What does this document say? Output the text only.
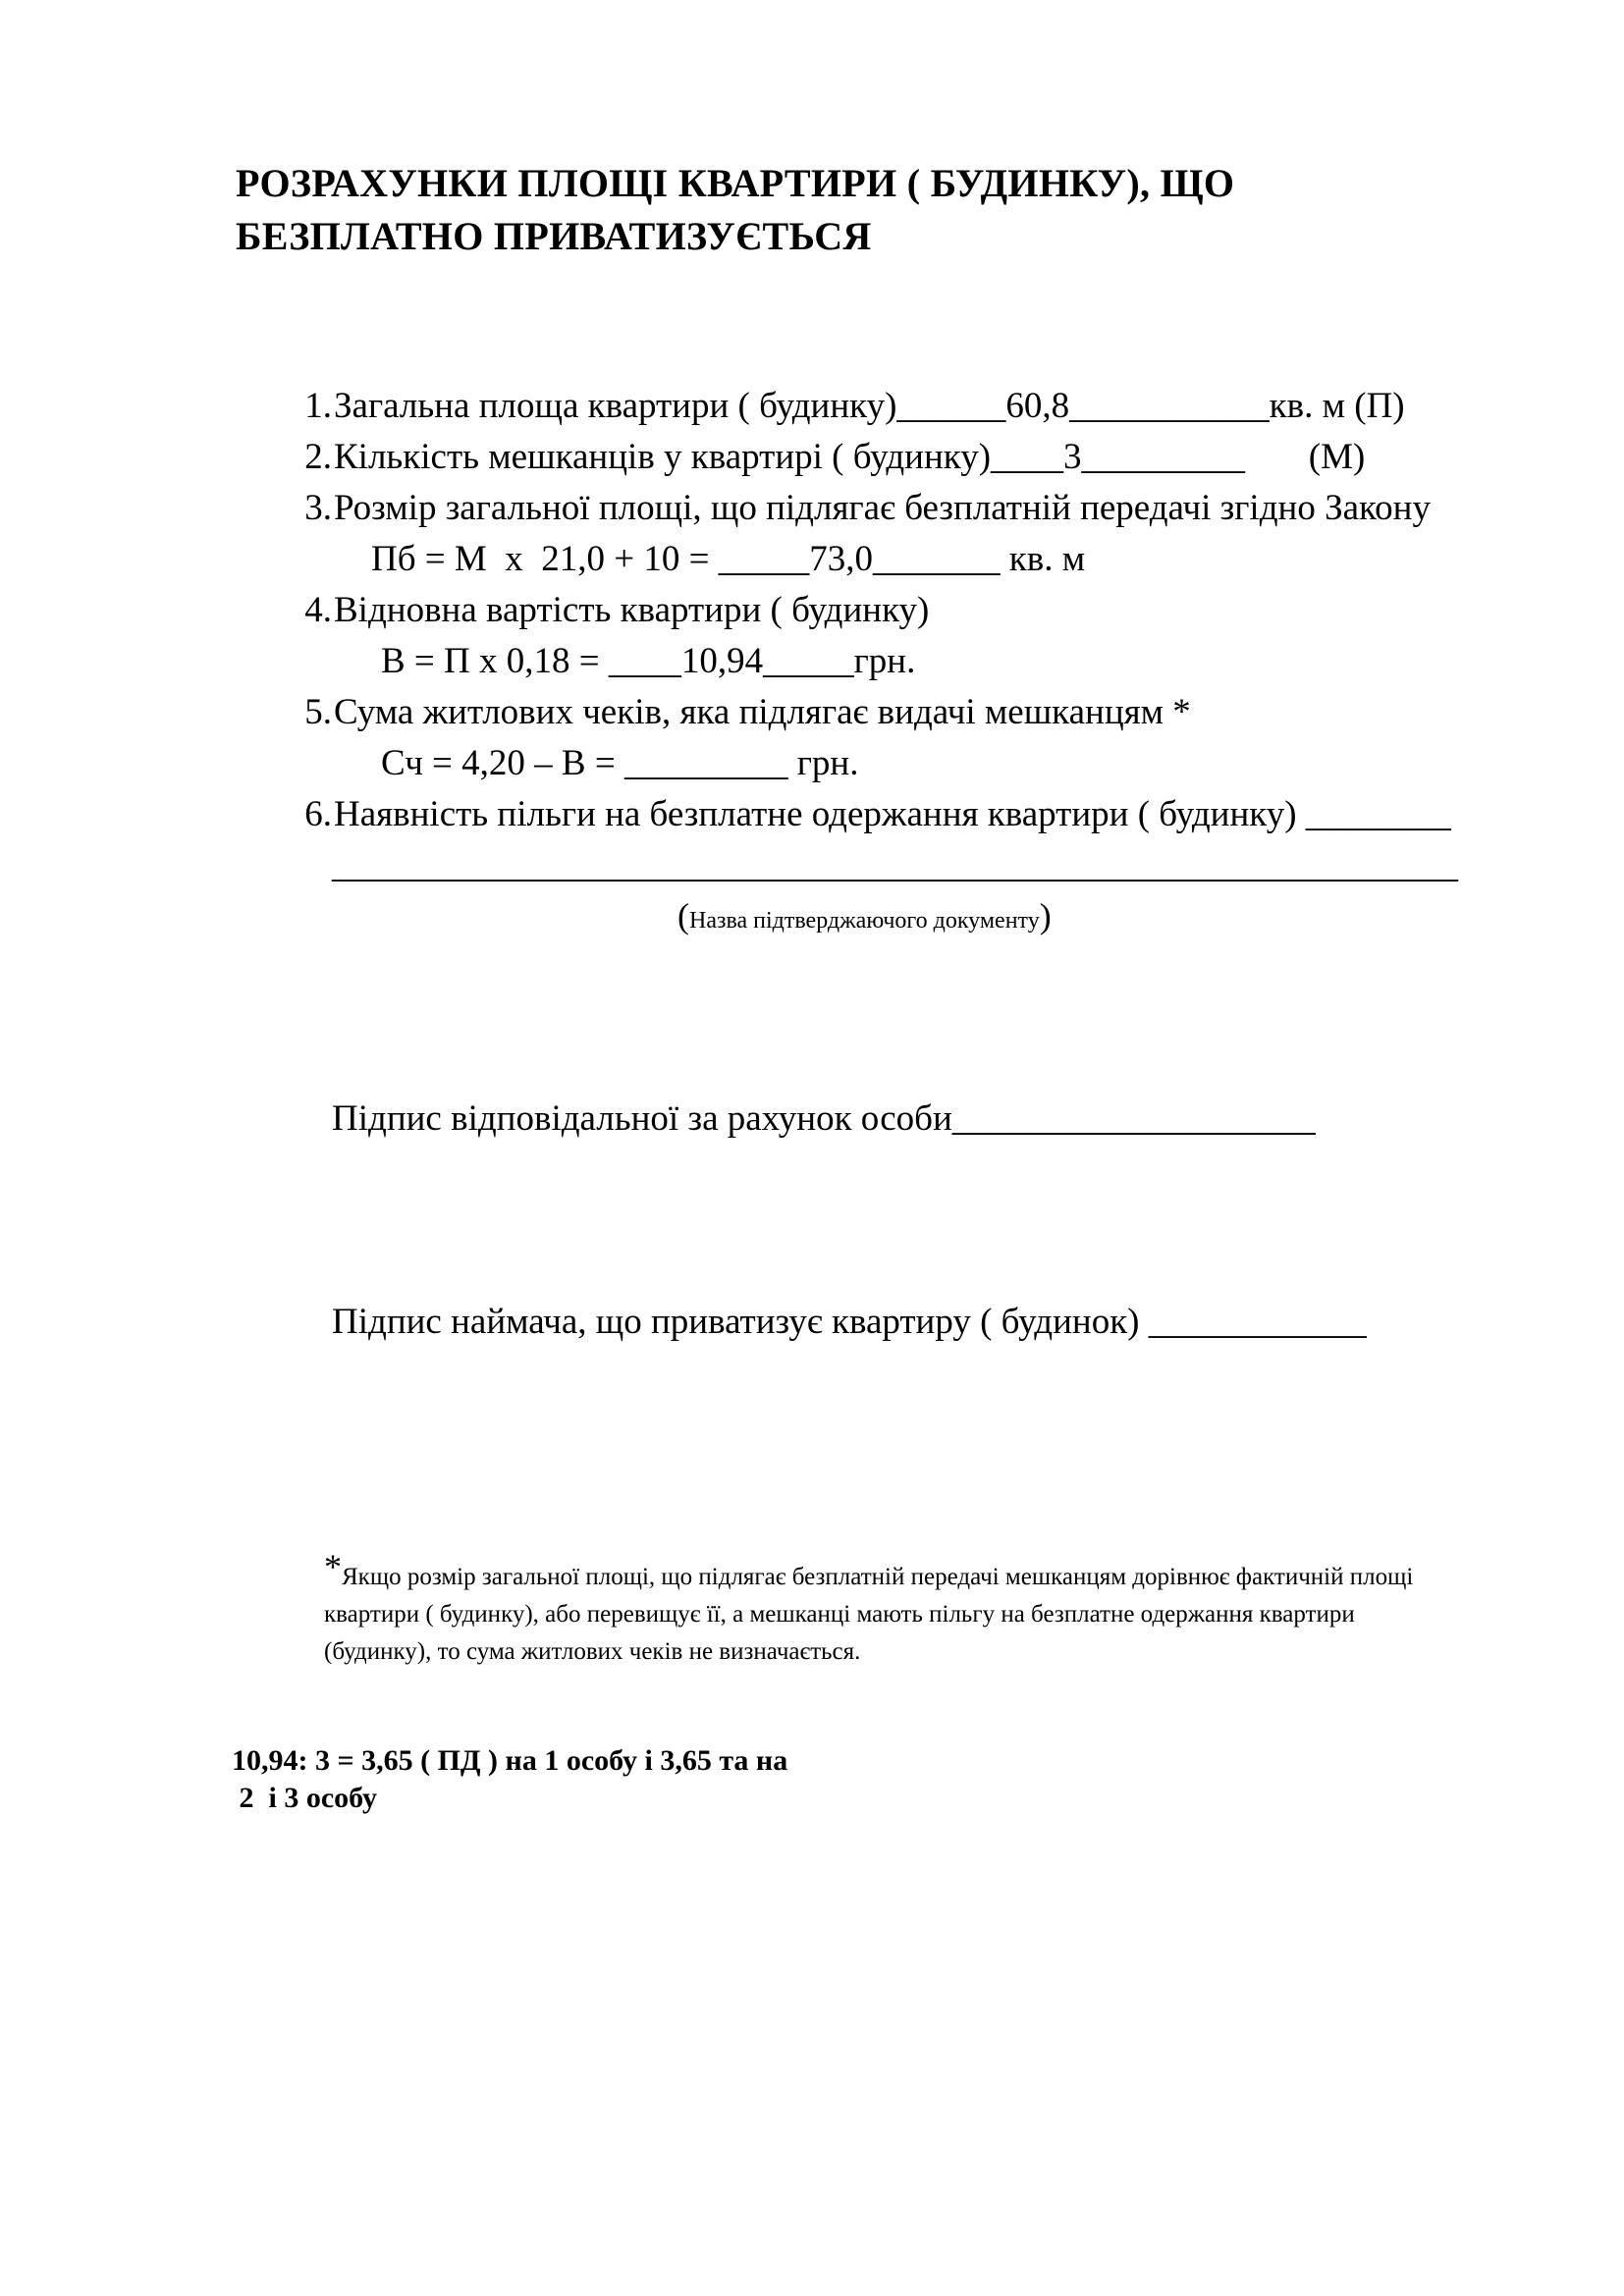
РОЗРАХУНКИ ПЛОЩІ КВАРТИРИ ( БУДИНКУ), ЩО
БЕЗПЛАТНО ПРИВАТИЗУЄТЬСЯ
1. Загальна площа квартири ( будинку)______60,8___________кв. м (П)
2. Кількість мешканців у квартирі ( будинку)____3_________       (М)
3. Розмір загальної площі, що підлягає безплатній передачі згідно Закону
Пб = М  х  21,0 + 10 = _____73,0_______ кв. м
4. Відновна вартість квартири ( будинку)
В = П х 0,18 = ____10,94_____грн.
5. Сума житлових чеків, яка підлягає видачі мешканцям *
Сч = 4,20 – В = _________ грн.
6. Наявність пільги на безплатне одержання квартири ( будинку) ________
______________________________________________________________
(Назва підтверджаючого документу)
Підпис відповідальної за рахунок особи____________________
Підпис наймача, що приватизує квартиру ( будинок) ____________
*Якщо розмір загальної площі, що підлягає безплатній передачі мешканцям дорівнює фактичній площі
квартири ( будинку), або перевищує її, а мешканці мають пільгу на безплатне одержання квартири
(будинку), то сума житлових чеків не визначається.
10,94: 3 = 3,65 ( ПД ) на 1 особу і 3,65 та на
2  і 3 особу
